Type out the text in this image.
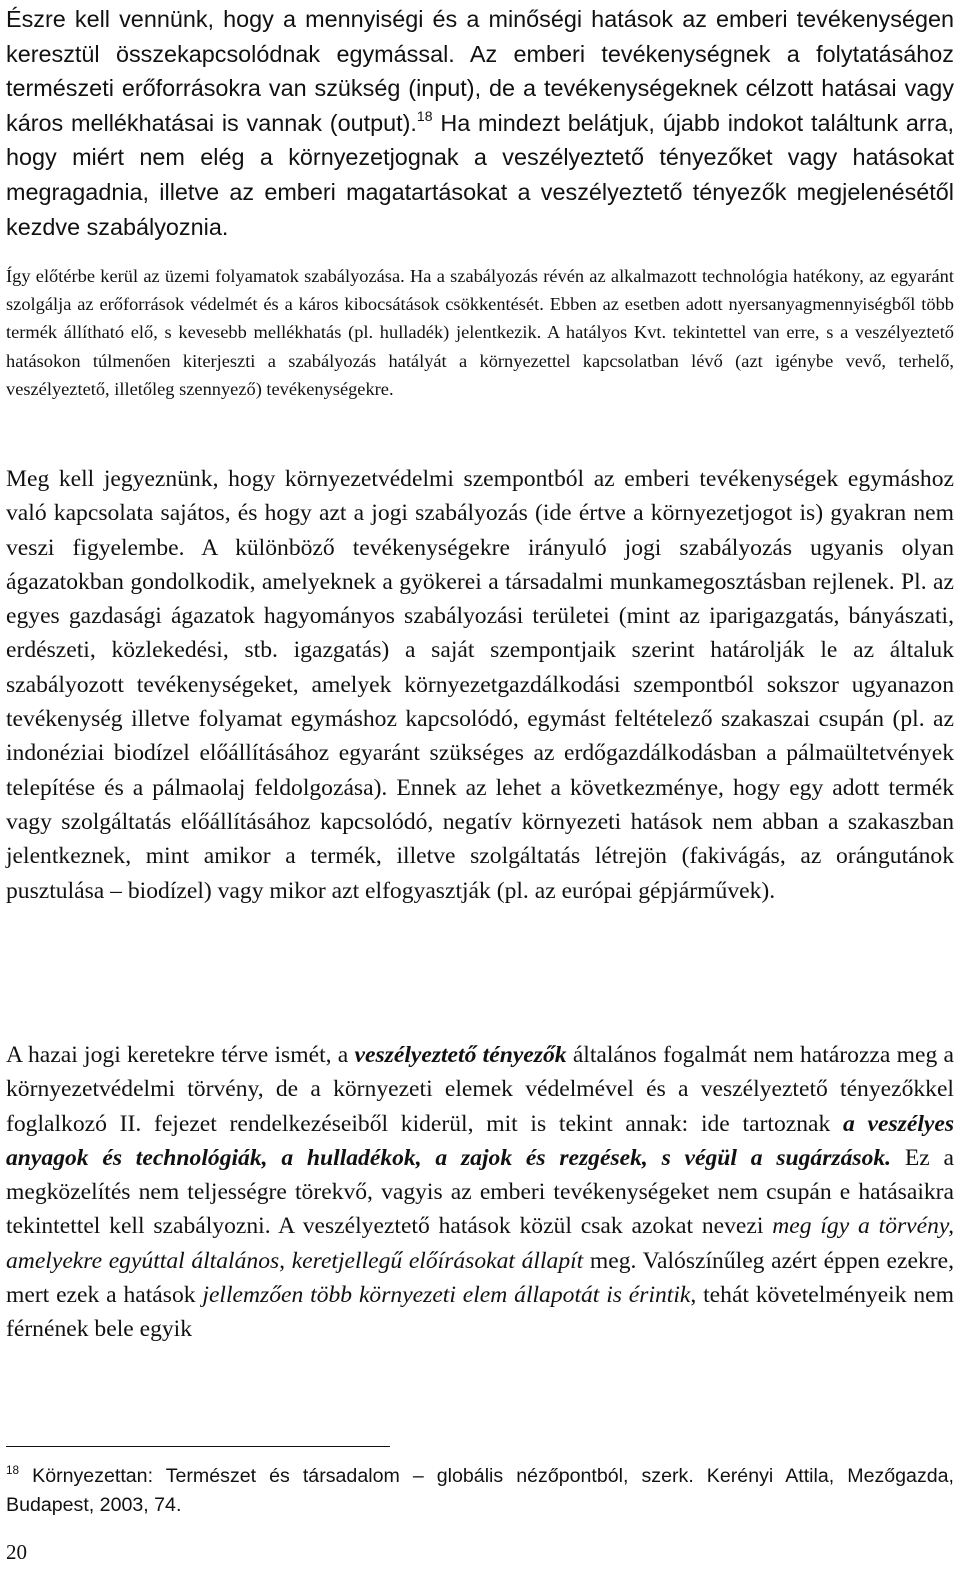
Észre kell vennünk, hogy a mennyiségi és a minőségi hatások az emberi tevékenységen keresztül összekapcsolódnak egymással. Az emberi tevékenységnek a folytatásához természeti erőforrásokra van szükség (input), de a tevékenységeknek célzott hatásai vagy káros mellékhatásai is vannak (output).$^{18}$ Ha mindezt belátjuk, újabb indokot találtunk arra, hogy miért nem elég a környezetjognak a veszélyeztető tényezőket vagy hatásokat megragadnia, illetve az emberi magatartásokat a veszélyeztető tényezők megjelenésétől kezdve szabályoznia.

Így előtérbe kerül az üzemi folyamatok szabályozása. Ha a szabályozás révén az alkalmazott technológia hatékony, az egyaránt szolgálja az erőforrások védelmét és a káros kibocsátások csökkentését. Ebben az esetben adott nyersanyagmennyiségből több termék állítható elő, s kevesebb mellékhatás (pl. hulladék) jelentkezik. A hatályos Kvt. tekintettel van erre, s a veszélyeztető hatásokon túlmenően kiterjeszti a szabályozás hatályát a környezettel kapcsolatban lévő (azt igénybe vevő, terhelő, veszélyeztető, illetőleg szennyező) tevékenységekre.

Meg kell jegyeznünk, hogy környezetvédelmi szempontból az emberi tevékenységek egymáshoz való kapcsolata sajátos, és hogy azt a jogi szabályozás (ide értve a környezetjogot is) gyakran nem veszi figyelembe. A különböző tevékenységekre irányuló jogi szabályozás ugyanis olyan ágazatokban gondolkodik, amelyeknek a gyökerei a társadalmi munkamegosztásban rejlenek. Pl. az egyes gazdasági ágazatok hagyományos szabályozási területei (mint az iparigazgatás, bányászati, erdészeti, közlekedési, stb. igazgatás) a saját szempontjaik szerint határolják le az általuk szabályozott tevékenységeket, amelyek környezetgazdálkodási szempontból sokszor ugyanazon tevékenység illetve folyamat egymáshoz kapcsolódó, egymást feltételező szakaszai csupán (pl. az indonéziai biodízel előállításához egyaránt szükséges az erdőgazdálkodásban a pálmaültetvények telepítése és a pálmaolaj feldolgozása). Ennek az lehet a következménye, hogy egy adott termék vagy szolgáltatás előállításához kapcsolódó, negatív környezeti hatások nem abban a szakaszban jelentkeznek, mint amikor a termék, illetve szolgáltatás létrejön (fakivágás, az orángutánok pusztulása – biodízel) vagy mikor azt elfogyasztják (pl. az európai gépjárművek).

A hazai jogi keretekre térve ismét, a veszélyeztető tényezők általános fogalmát nem határozza meg a környezetvédelmi törvény, de a környezeti elemek védelmével és a veszélyeztető tényezőkkel foglalkozó II. fejezet rendelkezéseiből kiderül, mit is tekint annak: ide tartoznak a veszélyes anyagok és technológiák, a hulladékok, a zajok és rezgések, s végül a sugárzások. Ez a megközelítés nem teljességre törekvő, vagyis az emberi tevékenységeket nem csupán e hatásaikra tekintettel kell szabályozni. A veszélyeztető hatások közül csak azokat nevezi meg így a törvény, amelyekre egyúttal általános, keretjellegű előírásokat állapít meg. Valószínűleg azért éppen ezekre, mert ezek a hatások jellemzően több környezeti elem állapotát is érintik, tehát követelményeik nem férnének bele egyik

$^{18}$ Környezettan: Természet és társadalom – globális nézőpontból, szerk. Kerényi Attila, Mezőgazda, Budapest, 2003, 74.

20
